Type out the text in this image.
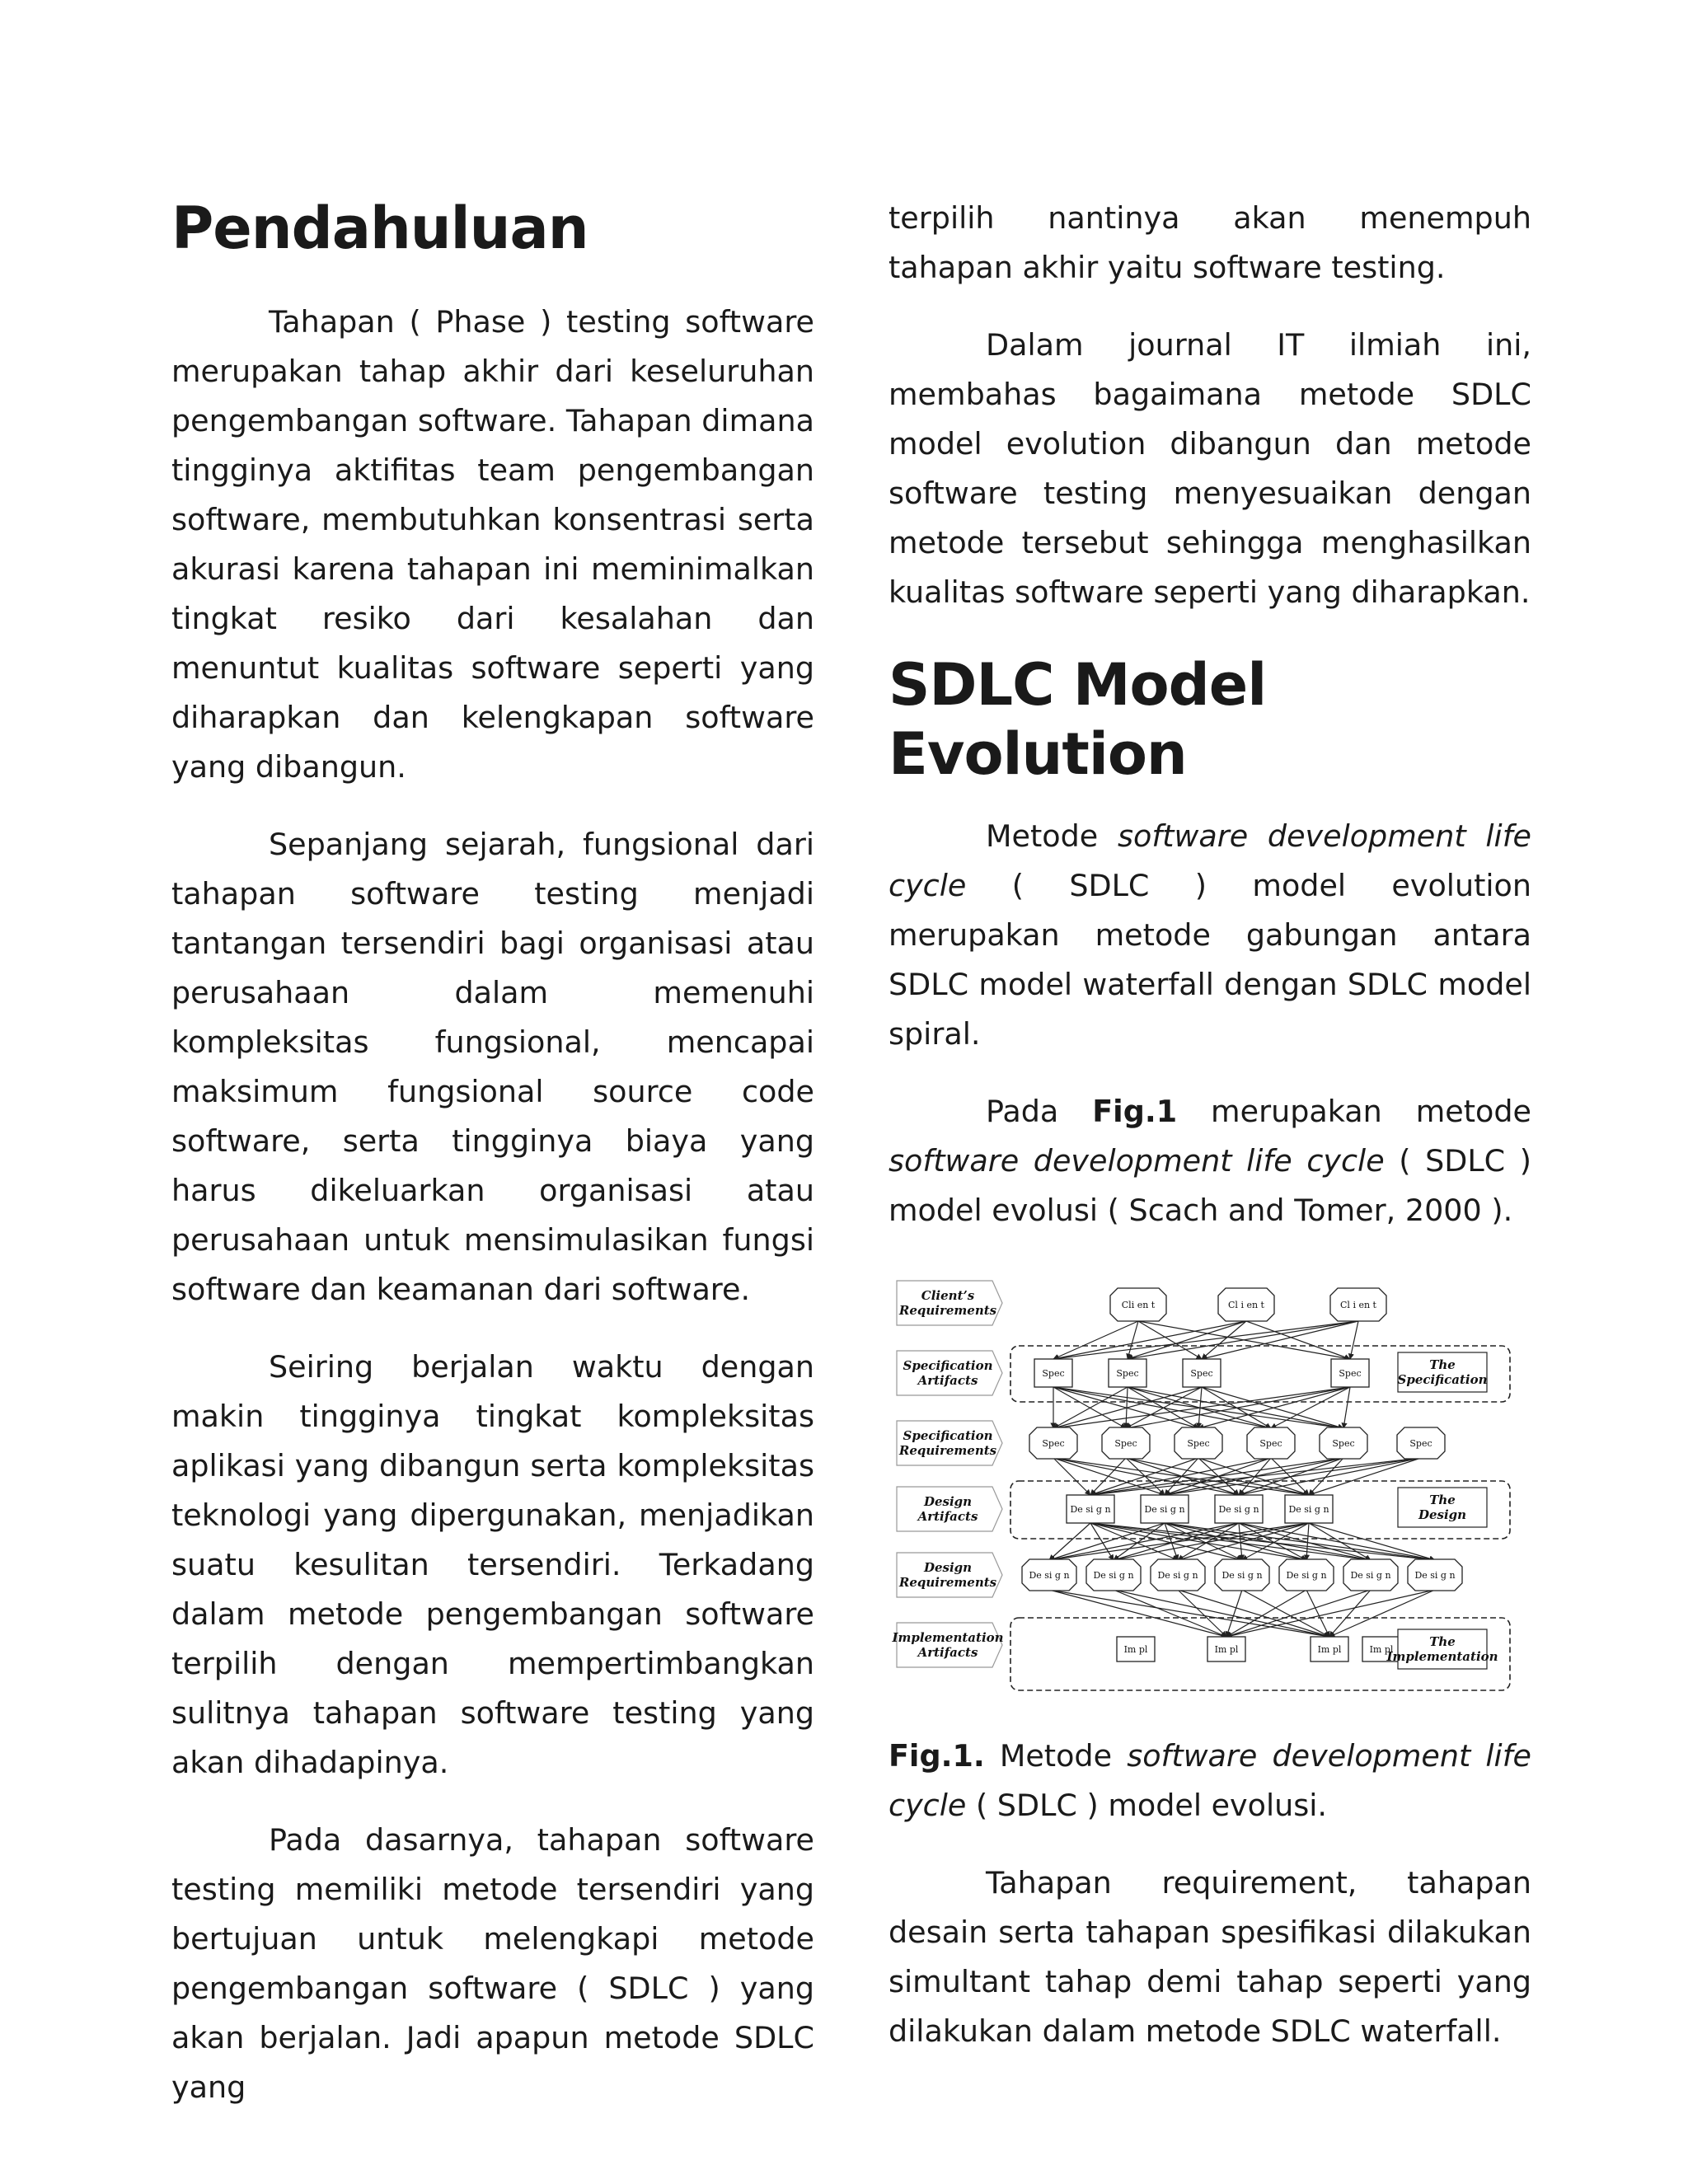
Pendahuluan

Tahapan ( Phase ) testing software merupakan tahap akhir dari keseluruhan pengembangan software. Tahapan dimana tingginya aktifitas team pengembangan software, membutuhkan konsentrasi serta akurasi karena tahapan ini meminimalkan tingkat resiko dari kesalahan dan menuntut kualitas software seperti yang diharapkan dan kelengkapan software yang dibangun.

Sepanjang sejarah, fungsional dari tahapan software testing menjadi tantangan tersendiri bagi organisasi atau perusahaan dalam memenuhi kompleksitas fungsional, mencapai maksimum fungsional source code software, serta tingginya biaya yang harus dikeluarkan organisasi atau perusahaan untuk mensimulasikan fungsi software dan keamanan dari software.

Seiring berjalan waktu dengan makin tingginya tingkat kompleksitas aplikasi yang dibangun serta kompleksitas teknologi yang dipergunakan, menjadikan suatu kesulitan tersendiri. Terkadang dalam metode pengembangan software terpilih dengan mempertimbangkan sulitnya tahapan software testing yang akan dihadapinya.

Pada dasarnya, tahapan software testing memiliki metode tersendiri yang bertujuan untuk melengkapi metode pengembangan software ( SDLC ) yang akan berjalan. Jadi apapun metode SDLC yang

terpilih nantinya akan menempuh tahapan akhir yaitu software testing.

Dalam journal IT ilmiah ini, membahas bagaimana metode SDLC model evolution dibangun dan metode software testing menyesuaikan dengan metode tersebut sehingga menghasilkan kualitas software seperti yang diharapkan.

SDLC Model Evolution

Metode software development life cycle ( SDLC ) model evolution merupakan metode gabungan antara SDLC model waterfall dengan SDLC model spiral.

Pada Fig.1 merupakan metode software development life cycle ( SDLC ) model evolusi ( Scach and Tomer, 2000 ).

Client’s
Requirements
Specification
Artifacts
Specification
Requirements
Design
Artifacts
Design
Requirements
Implementation
Artifacts
Cli en t	Cl i en t	Cl i en t
Spec	Spec	Spec	Spec
Spec	Spec	Spec	Spec	Spec	Spec
De si g n	De si g n	De si g n	De si g n
De si g n	De si g n	De si g n	De si g n	De si g n	De si g n	De si g n
Im pl	Im pl	Im pl	Im pl
The
Specification
The
Design
The
Implementation

Fig.1. Metode software development life cycle ( SDLC ) model evolusi.

Tahapan requirement, tahapan desain serta tahapan spesifikasi dilakukan simultant tahap demi tahap seperti yang dilakukan dalam metode SDLC waterfall.
